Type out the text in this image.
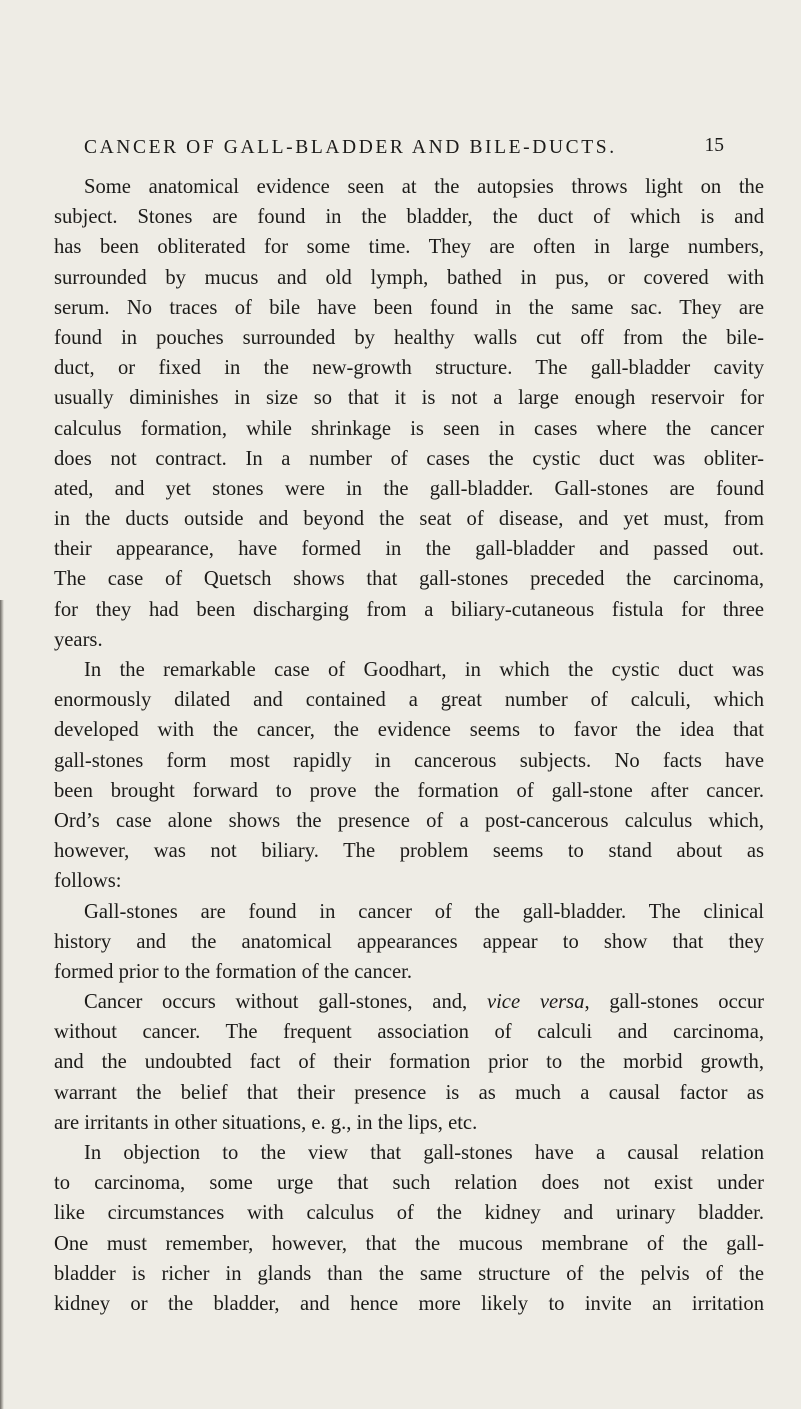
CANCER OF GALL-BLADDER AND BILE-DUCTS.	15
Some anatomical evidence seen at the autopsies throws light on the
subject. Stones are found in the bladder, the duct of which is and
has been obliterated for some time. They are often in large numbers,
surrounded by mucus and old lymph, bathed in pus, or covered with
serum. No traces of bile have been found in the same sac. They are
found in pouches surrounded by healthy walls cut off from the bile-
duct, or fixed in the new-growth structure. The gall-bladder cavity
usually diminishes in size so that it is not a large enough reservoir for
calculus formation, while shrinkage is seen in cases where the cancer
does not contract. In a number of cases the cystic duct was obliter-
ated, and yet stones were in the gall-bladder. Gall-stones are found
in the ducts outside and beyond the seat of disease, and yet must, from
their appearance, have formed in the gall-bladder and passed out.
The case of Quetsch shows that gall-stones preceded the carcinoma,
for they had been discharging from a biliary-cutaneous fistula for three
years.
In the remarkable case of Goodhart, in which the cystic duct was
enormously dilated and contained a great number of calculi, which
developed with the cancer, the evidence seems to favor the idea that
gall-stones form most rapidly in cancerous subjects. No facts have
been brought forward to prove the formation of gall-stone after cancer.
Ord’s case alone shows the presence of a post-cancerous calculus which,
however, was not biliary. The problem seems to stand about as
follows:
Gall-stones are found in cancer of the gall-bladder. The clinical
history and the anatomical appearances appear to show that they
formed prior to the formation of the cancer.
Cancer occurs without gall-stones, and, vice versa, gall-stones occur
without cancer. The frequent association of calculi and carcinoma,
and the undoubted fact of their formation prior to the morbid growth,
warrant the belief that their presence is as much a causal factor as
are irritants in other situations, e. g., in the lips, etc.
In objection to the view that gall-stones have a causal relation
to carcinoma, some urge that such relation does not exist under
like circumstances with calculus of the kidney and urinary bladder.
One must remember, however, that the mucous membrane of the gall-
bladder is richer in glands than the same structure of the pelvis of the
kidney or the bladder, and hence more likely to invite an irritation
